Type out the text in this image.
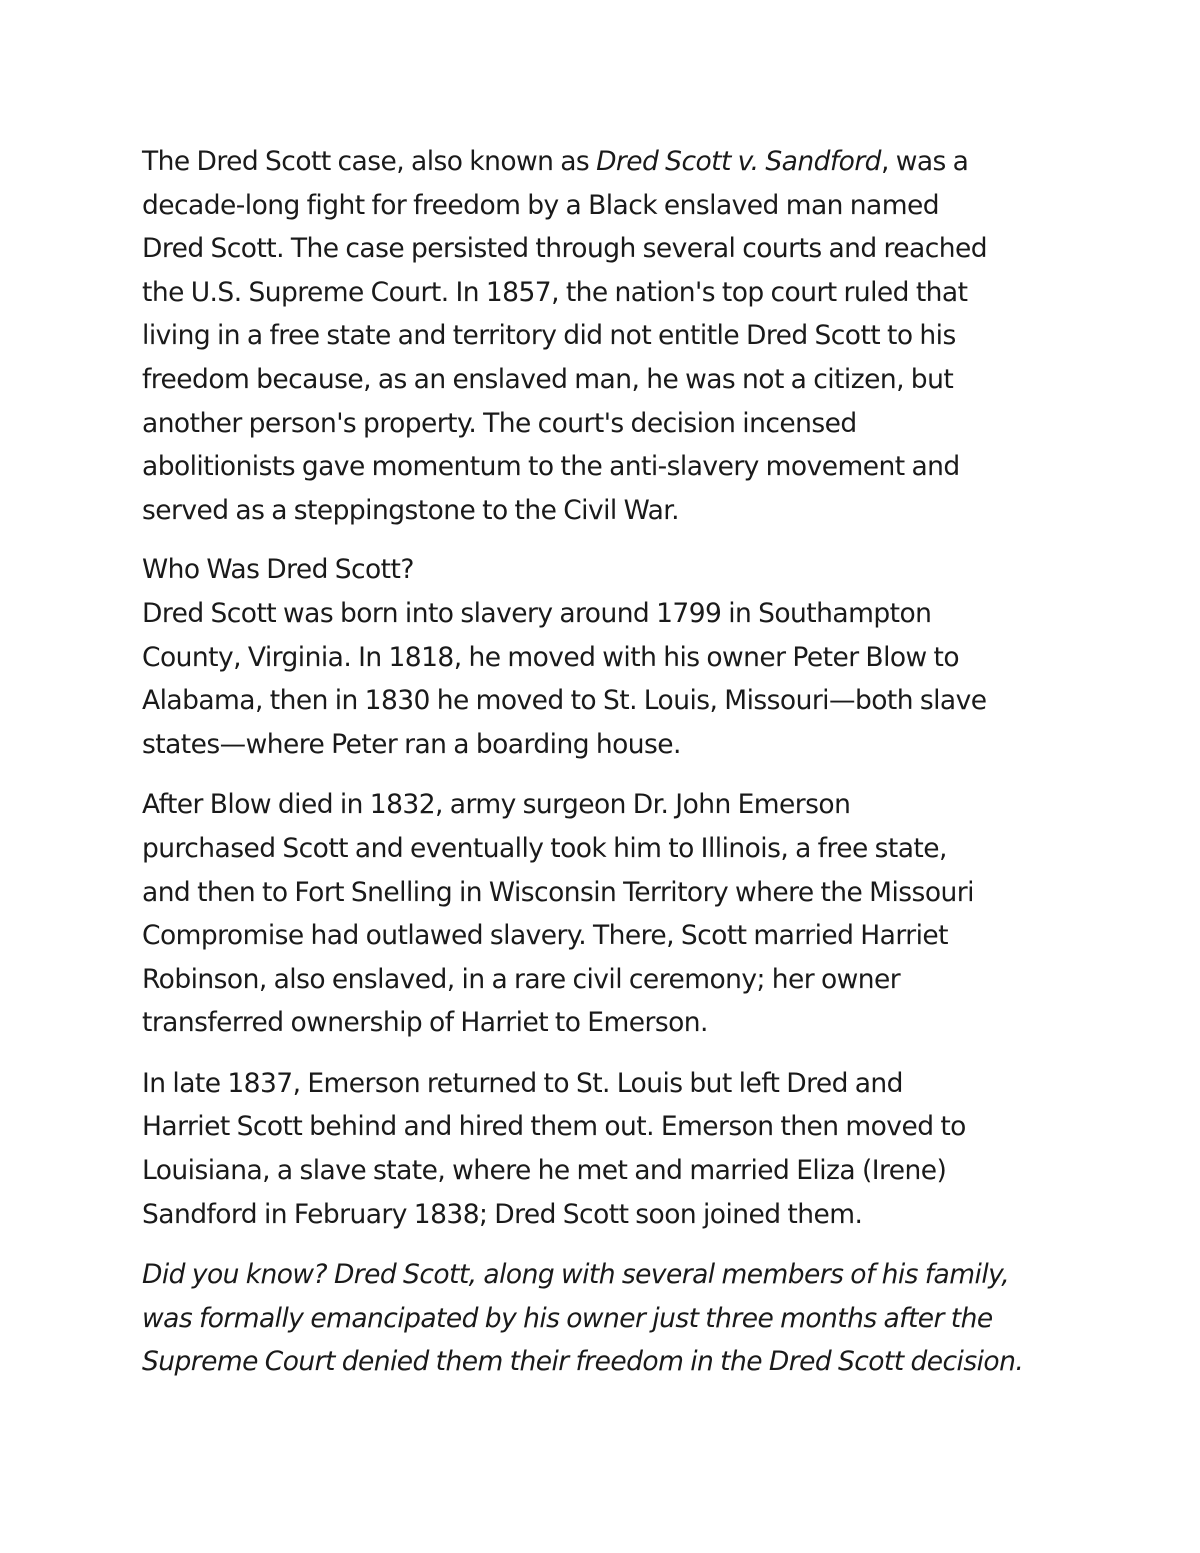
The Dred Scott case, also known as Dred Scott v. Sandford, was a
decade-long fight for freedom by a Black enslaved man named
Dred Scott. The case persisted through several courts and reached
the U.S. Supreme Court. In 1857, the nation's top court ruled that
living in a free state and territory did not entitle Dred Scott to his
freedom because, as an enslaved man, he was not a citizen, but
another person's property. The court's decision incensed
abolitionists gave momentum to the anti-slavery movement and
served as a steppingstone to the Civil War.

Who Was Dred Scott?

Dred Scott was born into slavery around 1799 in Southampton
County, Virginia. In 1818, he moved with his owner Peter Blow to
Alabama, then in 1830 he moved to St. Louis, Missouri—both slave
states—where Peter ran a boarding house.

After Blow died in 1832, army surgeon Dr. John Emerson
purchased Scott and eventually took him to Illinois, a free state,
and then to Fort Snelling in Wisconsin Territory where the Missouri
Compromise had outlawed slavery. There, Scott married Harriet
Robinson, also enslaved, in a rare civil ceremony; her owner
transferred ownership of Harriet to Emerson.

In late 1837, Emerson returned to St. Louis but left Dred and
Harriet Scott behind and hired them out. Emerson then moved to
Louisiana, a slave state, where he met and married Eliza (Irene)
Sandford in February 1838; Dred Scott soon joined them.

Did you know? Dred Scott, along with several members of his family,
was formally emancipated by his owner just three months after the
Supreme Court denied them their freedom in the Dred Scott decision.
